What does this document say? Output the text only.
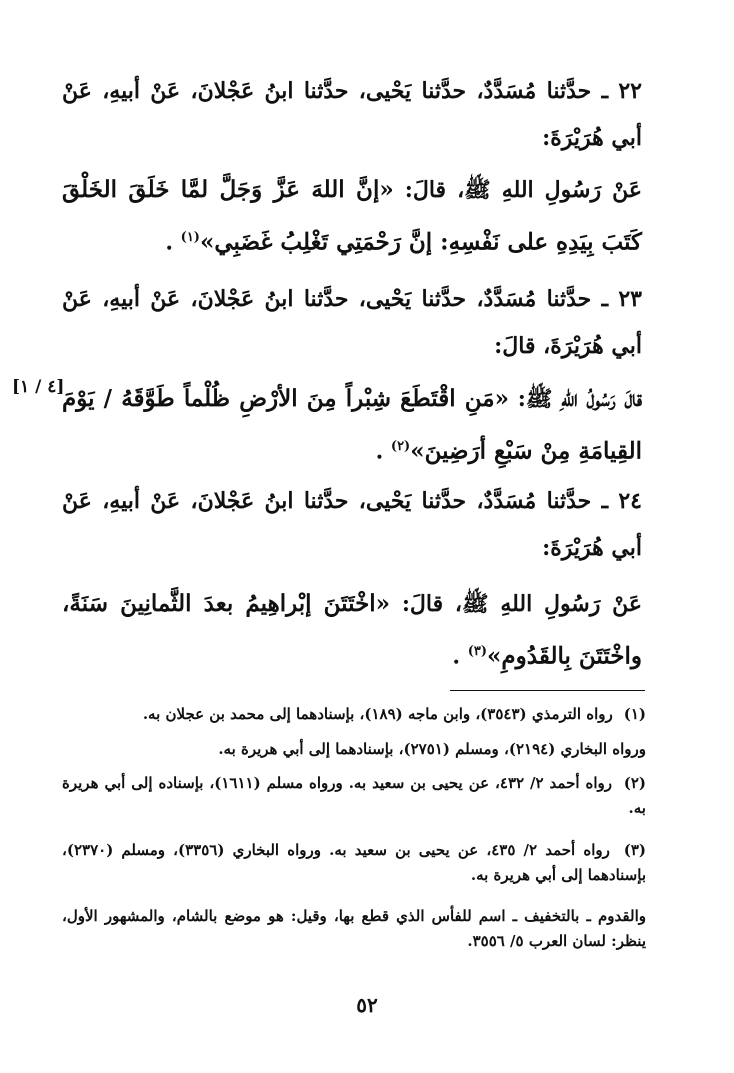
٢٢ ـ حدَّثنا مُسَدَّدٌ، حدَّثنا يَحْيى، حدَّثنا ابنُ عَجْلانَ، عَنْ أبيهِ، عَنْ أبي هُرَيْرَةَ:
عَنْ رَسُولِ اللهِ ﷺ، قالَ: «إنَّ اللهَ عَزَّ وَجَلَّ لمَّا خَلَقَ الخَلْقَ كَتَبَ بِيَدِهِ على نَفْسِهِ: إنَّ رَحْمَتِي تَغْلِبُ غَضَبِي»$^{(١)}$ .
٢٣ ـ حدَّثنا مُسَدَّدٌ، حدَّثنا يَحْيى، حدَّثنا ابنُ عَجْلانَ، عَنْ أبيهِ، عَنْ أبي هُرَيْرَةَ، قالَ:
[٤ / ١]	قالَ رَسُولُ اللهِ ﷺ: «مَنِ اقْتَطَعَ شِبْراً مِنَ الأرْضِ ظُلْماً طَوَّقَهُ / يَوْمَ القِيامَةِ مِنْ سَبْعِ أرَضِينَ»$^{(٢)}$ .
٢٤ ـ حدَّثنا مُسَدَّدٌ، حدَّثنا يَحْيى، حدَّثنا ابنُ عَجْلانَ، عَنْ أبيهِ، عَنْ أبي هُرَيْرَةَ:
عَنْ رَسُولِ اللهِ ﷺ، قالَ: «اخْتَتَنَ إبْراهِيمُ بعدَ الثَّمانِينَ سَنَةً، واخْتَتَنَ بِالقَدُومِ»$^{(٣)}$ .
(١) رواه الترمذي (٣٥٤٣)، وابن ماجه (١٨٩)، بإسنادهما إلى محمد بن عجلان به.
ورواه البخاري (٢١٩٤)، ومسلم (٢٧٥١)، بإسنادهما إلى أبي هريرة به.
(٢) رواه أحمد ٢/ ٤٣٢، عن يحيى بن سعيد به. ورواه مسلم (١٦١١)، بإسناده إلى أبي هريرة به.
(٣) رواه أحمد ٢/ ٤٣٥، عن يحيى بن سعيد به. ورواه البخاري (٣٣٥٦)، ومسلم (٢٣٧٠)، بإسنادهما إلى أبي هريرة به.
والقدوم ـ بالتخفيف ـ اسم للفأس الذي قطع بها، وقيل: هو موضع بالشام، والمشهور الأول، ينظر: لسان العرب ٥/ ٣٥٥٦.
٥٢
